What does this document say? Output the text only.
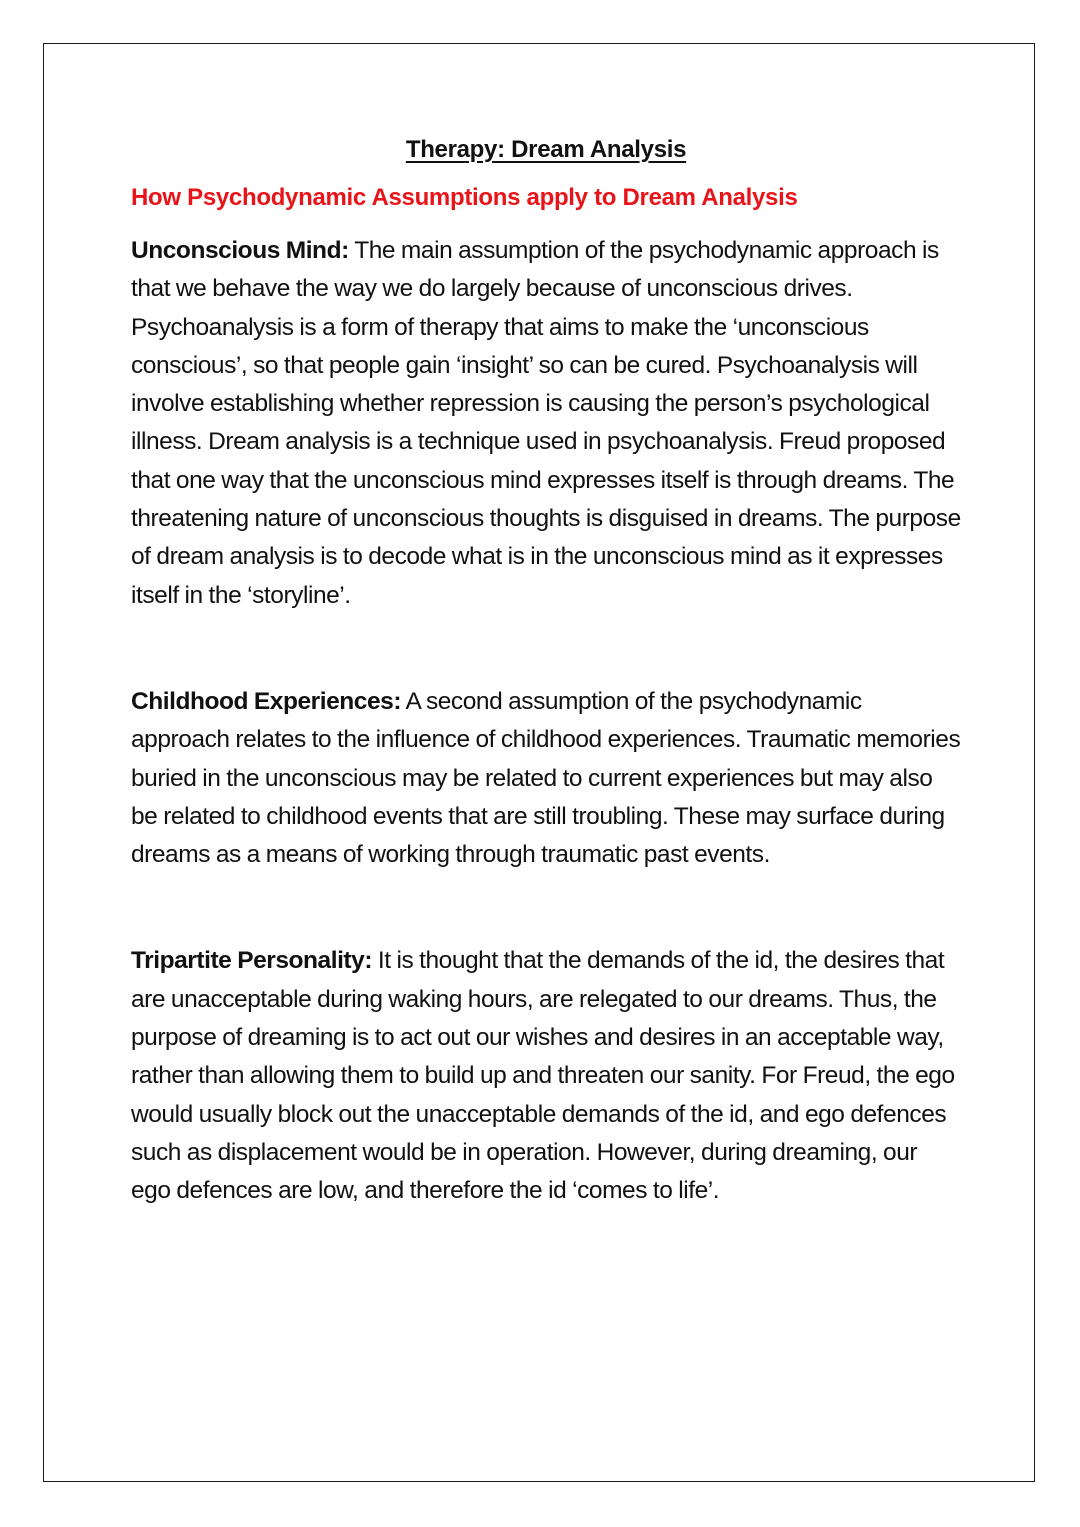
Therapy: Dream Analysis
How Psychodynamic Assumptions apply to Dream Analysis

Unconscious Mind: The main assumption of the psychodynamic approach is that we behave the way we do largely because of unconscious drives. Psychoanalysis is a form of therapy that aims to make the ‘unconscious conscious’, so that people gain ‘insight’ so can be cured. Psychoanalysis will involve establishing whether repression is causing the person’s psychological illness. Dream analysis is a technique used in psychoanalysis. Freud proposed that one way that the unconscious mind expresses itself is through dreams. The threatening nature of unconscious thoughts is disguised in dreams. The purpose of dream analysis is to decode what is in the unconscious mind as it expresses itself in the ‘storyline’.

Childhood Experiences: A second assumption of the psychodynamic approach relates to the influence of childhood experiences. Traumatic memories buried in the unconscious may be related to current experiences but may also be related to childhood events that are still troubling. These may surface during dreams as a means of working through traumatic past events.

Tripartite Personality: It is thought that the demands of the id, the desires that are unacceptable during waking hours, are relegated to our dreams. Thus, the purpose of dreaming is to act out our wishes and desires in an acceptable way, rather than allowing them to build up and threaten our sanity. For Freud, the ego would usually block out the unacceptable demands of the id, and ego defences such as displacement would be in operation. However, during dreaming, our ego defences are low, and therefore the id ‘comes to life’.
